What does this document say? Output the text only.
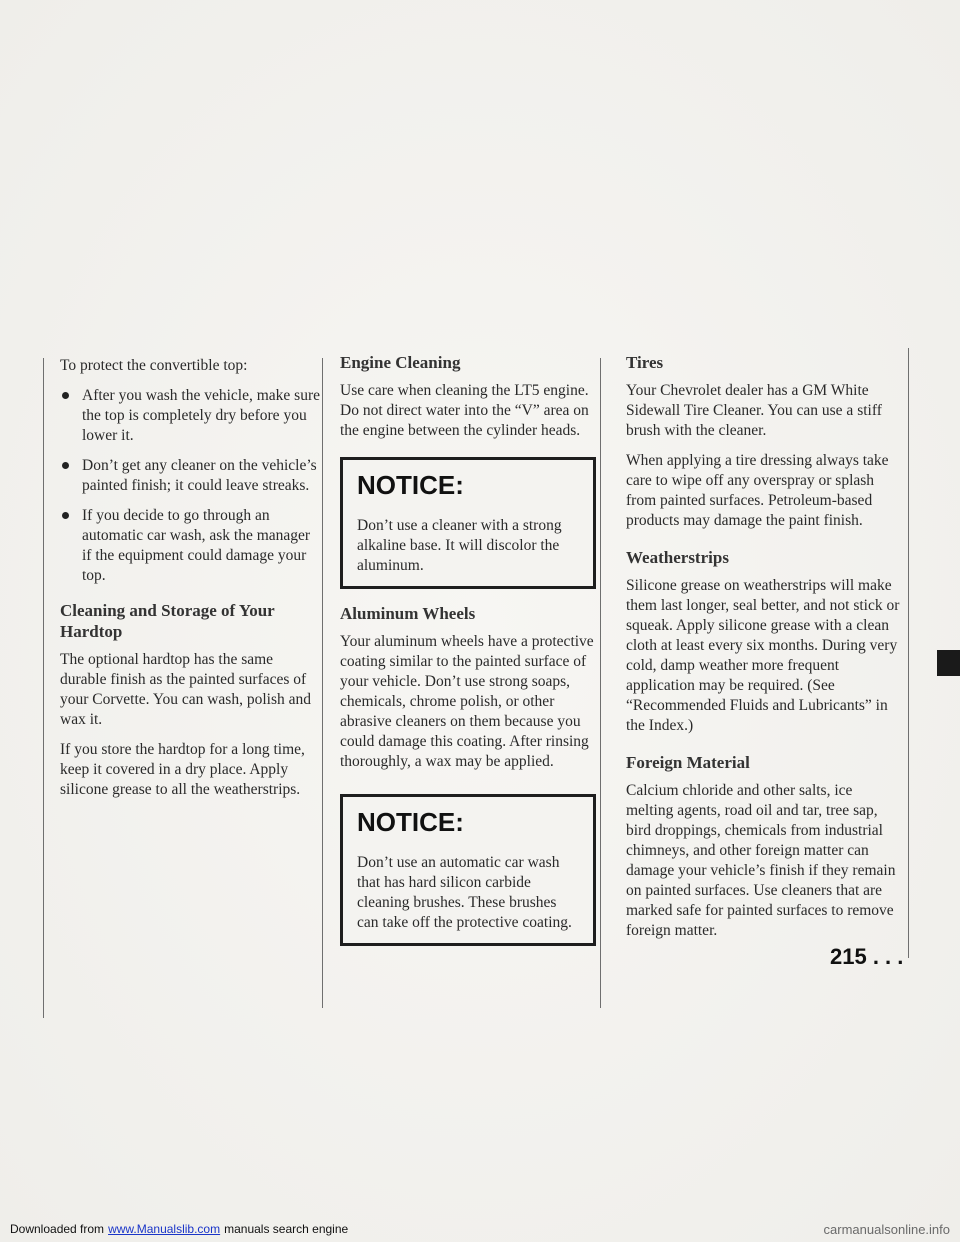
To protect the convertible top:

After you wash the vehicle, make sure the top is completely dry before you lower it.
Don’t get any cleaner on the vehicle’s painted finish; it could leave streaks.
If you decide to go through an automatic car wash, ask the manager if the equipment could damage your top.
Cleaning and Storage of Your Hardtop

The optional hardtop has the same durable finish as the painted surfaces of your Corvette. You can wash, polish and wax it.

If you store the hardtop for a long time, keep it covered in a dry place. Apply silicone grease to all the weatherstrips.

Engine Cleaning

Use care when cleaning the LT5 engine. Do not direct water into the “V” area on the engine between the cylinder heads.

NOTICE:
Don’t use a cleaner with a strong alkaline base. It will discolor the aluminum.
Aluminum Wheels

Your aluminum wheels have a protective coating similar to the painted surface of your vehicle. Don’t use strong soaps, chemicals, chrome polish, or other abrasive cleaners on them because you could damage this coating. After rinsing thoroughly, a wax may be applied.

NOTICE:
Don’t use an automatic car wash that has hard silicon carbide cleaning brushes. These brushes can take off the protective coating.
Tires

Your Chevrolet dealer has a GM White Sidewall Tire Cleaner. You can use a stiff brush with the cleaner.

When applying a tire dressing always take care to wipe off any overspray or splash from painted surfaces. Petroleum-based products may damage the paint finish.

Weatherstrips

Silicone grease on weatherstrips will make them last longer, seal better, and not stick or squeak. Apply silicone grease with a clean cloth at least every six months. During very cold, damp weather more frequent application may be required. (See “Recommended Fluids and Lubricants” in the Index.)

Foreign Material

Calcium chloride and other salts, ice melting agents, road oil and tar, tree sap, bird droppings, chemicals from industrial chimneys, and other foreign matter can damage your vehicle’s finish if they remain on painted surfaces. Use cleaners that are marked safe for painted surfaces to remove foreign matter.

215 . . .
Downloaded from www.Manualslib.com manuals search engine	carmanualsonline.info
